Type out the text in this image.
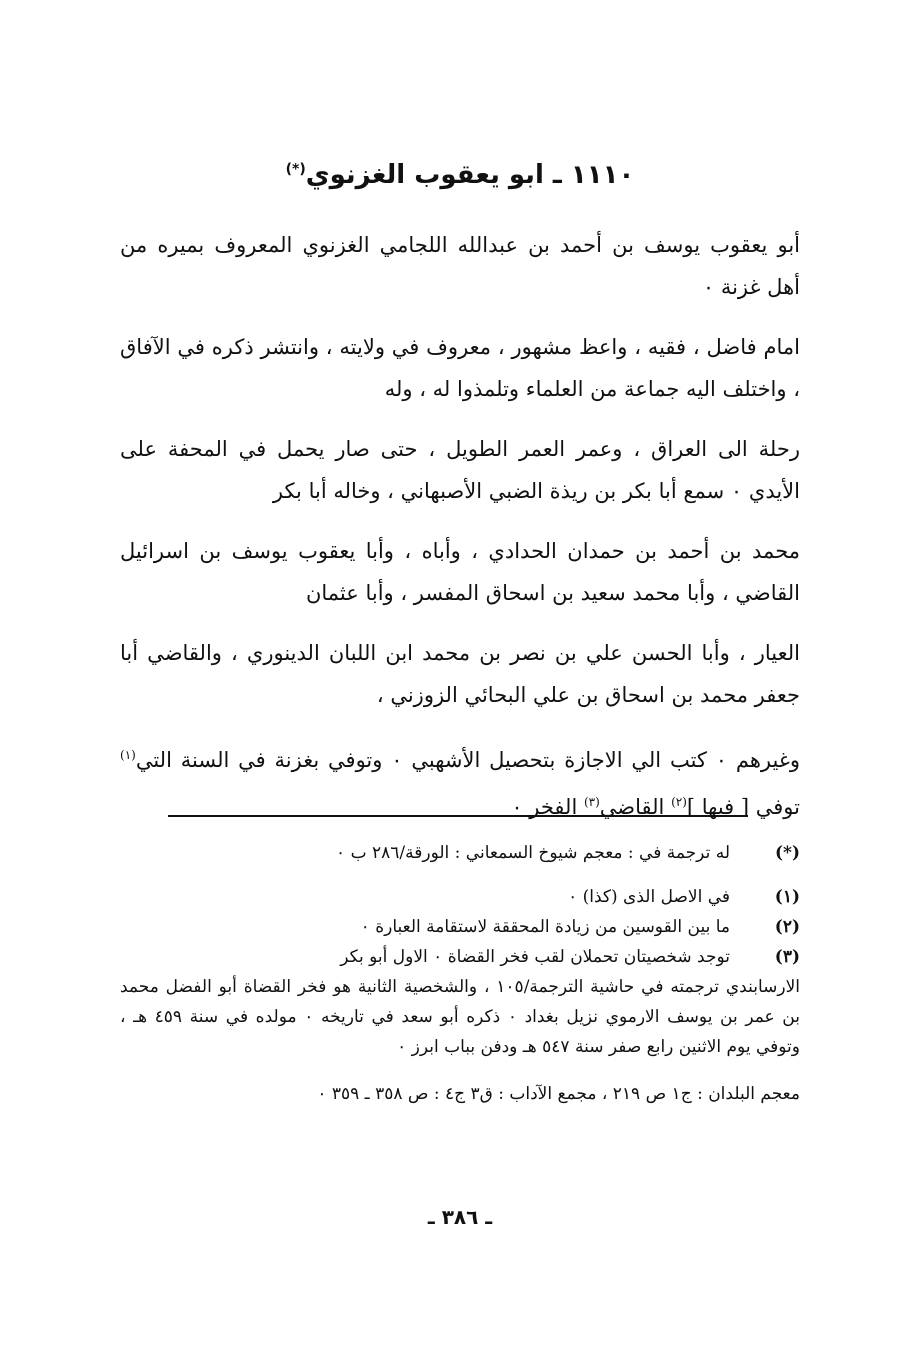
١١١٠ ـ ابو يعقوب الغزنوي(*)

أبو يعقوب يوسف بن أحمد بن عبدالله اللجامي الغزنوي المعروف بميره من أهل غزنة ٠

امام فاضل ، فقيه ، واعظ مشهور ، معروف في ولايته ، وانتشر ذكره في الآفاق ، واختلف اليه جماعة من العلماء وتلمذوا له ، وله

رحلة الى العراق ، وعمر العمر الطويل ، حتى صار يحمل في المحفة على الأيدي ٠ سمع أبا بكر بن ريذة الضبي الأصبهاني ، وخاله أبا بكر

محمد بن أحمد بن حمدان الحدادي ، وأباه ، وأبا يعقوب يوسف بن اسرائيل القاضي ، وأبا محمد سعيد بن اسحاق المفسر ، وأبا عثمان

العيار ، وأبا الحسن علي بن نصر بن محمد ابن اللبان الدينوري ، والقاضي أبا جعفر محمد بن اسحاق بن علي البحائي الزوزني ،

وغيرهم ٠ كتب الي الاجازة بتحصيل الأشهبي ٠ وتوفي بغزنة في السنة التي$^{(١)}$ توفي [ فيها ]$^{(٢)}$ القاضي$^{(٣)}$ الفخر ٠

(*)
له ترجمة في : معجم شيوخ السمعاني : الورقة/٢٨٦ ب ٠
(١)
في الاصل الذى (كذا) ٠
(٢)
ما بين القوسين من زيادة المحققة لاستقامة العبارة ٠
(٣)
توجد شخصيتان تحملان لقب فخر القضاة ٠ الاول أبو بكر

الارسابندي ترجمته في حاشية الترجمة/١٠٥ ، والشخصية الثانية هو فخر القضاة أبو الفضل محمد بن عمر بن يوسف الارموي نزيل بغداد ٠ ذكره أبو سعد في تاريخه ٠ مولده في سنة ٤٥٩ هـ ، وتوفي يوم الاثنين رابع صفر سنة ٥٤٧ هـ ودفن بباب ابرز ٠

معجم البلدان : ج١ ص ٢١٩ ، مجمع الآداب : ق٣ ج٤ : ص ٣٥٨ ـ ٣٥٩ ٠

ـ ٣٨٦ ـ
